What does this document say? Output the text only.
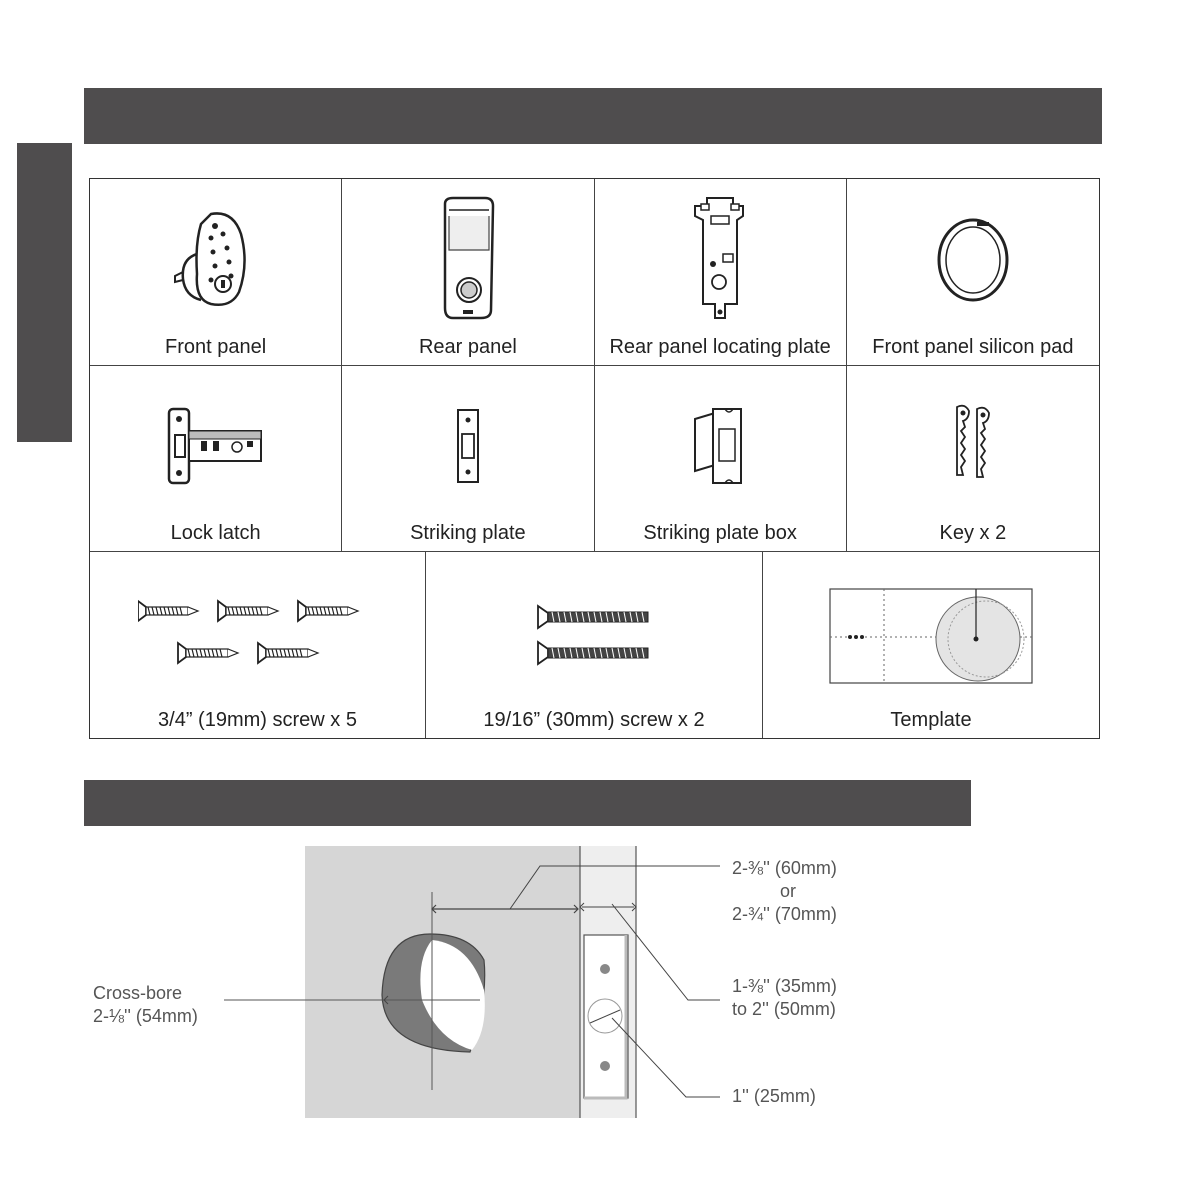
Front panel	Rear panel	Rear panel locating plate	Front panel silicon pad
Lock latch	Striking plate	Striking plate box	Key x 2
3/4” (19mm) screw x 5	19/16” (30mm) screw x 2	Template
2-⅜'' (60mm)
or
2-¾'' (70mm)
1-⅜'' (35mm)
to 2'' (50mm)
1'' (25mm)
Cross-bore
2-⅛'' (54mm)
